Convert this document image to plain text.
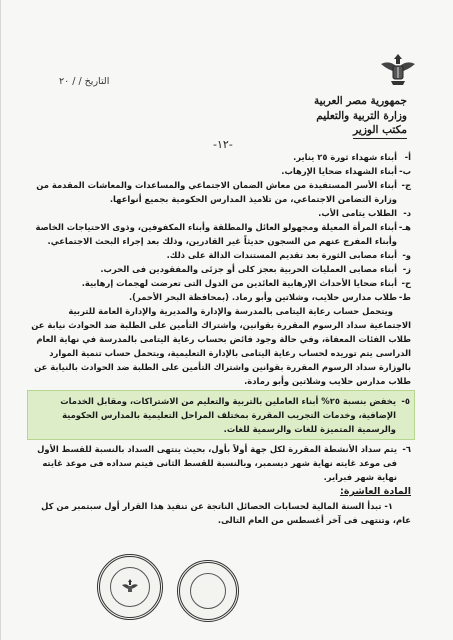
جمهورية مصر العربية
وزارة التربية والتعليم
مكتب الوزير
التاريخ / / ٢٠
-١٢-
أ-
أبناء شهداء ثورة ٢٥ يناير.
ب-
أبناء الشهداء ضحايا الإرهاب.
ج-
أبناء الأسر المستفيدة من معاش الضمان الاجتماعي والمساعدات والمعاشات المقدمة من وزارة التضامن الاجتماعي، من تلاميذ المدارس الحكومية بجميع أنواعها.
د-
الطلاب يتامى الأب.
هـ-
أبناء المرأة المعيلة ومجهولو العائل والمطلقة وأبناء المكفوفين، وذوى الاحتياجات الخاصة وأبناء المفرج عنهم من السجون حديثاً غير القادرين، وذلك بعد إجراء البحث الاجتماعي.
و-
أبناء مصابى الثورة بعد تقديم المستندات الدالة على ذلك.
ز-
أبناء مصابى العمليات الحربية بعجز كلى أو جزئى والمفقودين فى الحرب.
ح-
أبناء ضحايا الأحداث الإرهابية العائدين من الدول التى تعرضت لهجمات إرهابية.
ط-
طلاب مدارس حلايب، وشلاتين وأبو رماد. (بمحافظة البحر الأحمر).

ويتحمل حساب رعاية اليتامى بالمدرسة والإدارة والمديرية والإدارة العامة للتربية الاجتماعية سداد الرسوم المقررة بقوانين، واشتراك التأمين على الطلبة ضد الحوادث نيابة عن طلاب الفئات المعفاة، وفي حالة وجود فائض بحساب رعاية اليتامى بالمدرسة في نهاية العام الدراسى يتم توريده لحساب رعاية اليتامى بالإدارة التعليمية، ويتحمل حساب تنمية الموارد بالوزارة سداد الرسوم المقررة بقوانين واشتراك التأمين على الطلبة ضد الحوادث بالنيابة عن طلاب مدارس حلايب وشلاتين وأبو رمادة.

٥-
يخفض بنسبة ٢٥% أبناء العاملين بالتربية والتعليم من الاشتراكات، ومقابل الخدمات الإضافية، وخدمات التجريب المقررة بمختلف المراحل التعليمية بالمدارس الحكومية والرسمية المتميزة للغات والرسمية للغات.
٦-
يتم سداد الأنشطة المقررة لكل جهة أولاً بأول، بحيث ينتهى السداد بالنسبة للقسط الأول فى موعد غايته نهاية شهر ديسمبر، وبالنسبة للقسط الثانى فيتم سداده فى موعد غايته نهاية شهر فبراير.
المادة العاشرة:

١- تبدأ السنة المالية لحسابات الحصائل الناتجة عن تنفيذ هذا القرار أول سبتمبر من كل عام، وتنتهى فى آخر أغسطس من العام التالى.
